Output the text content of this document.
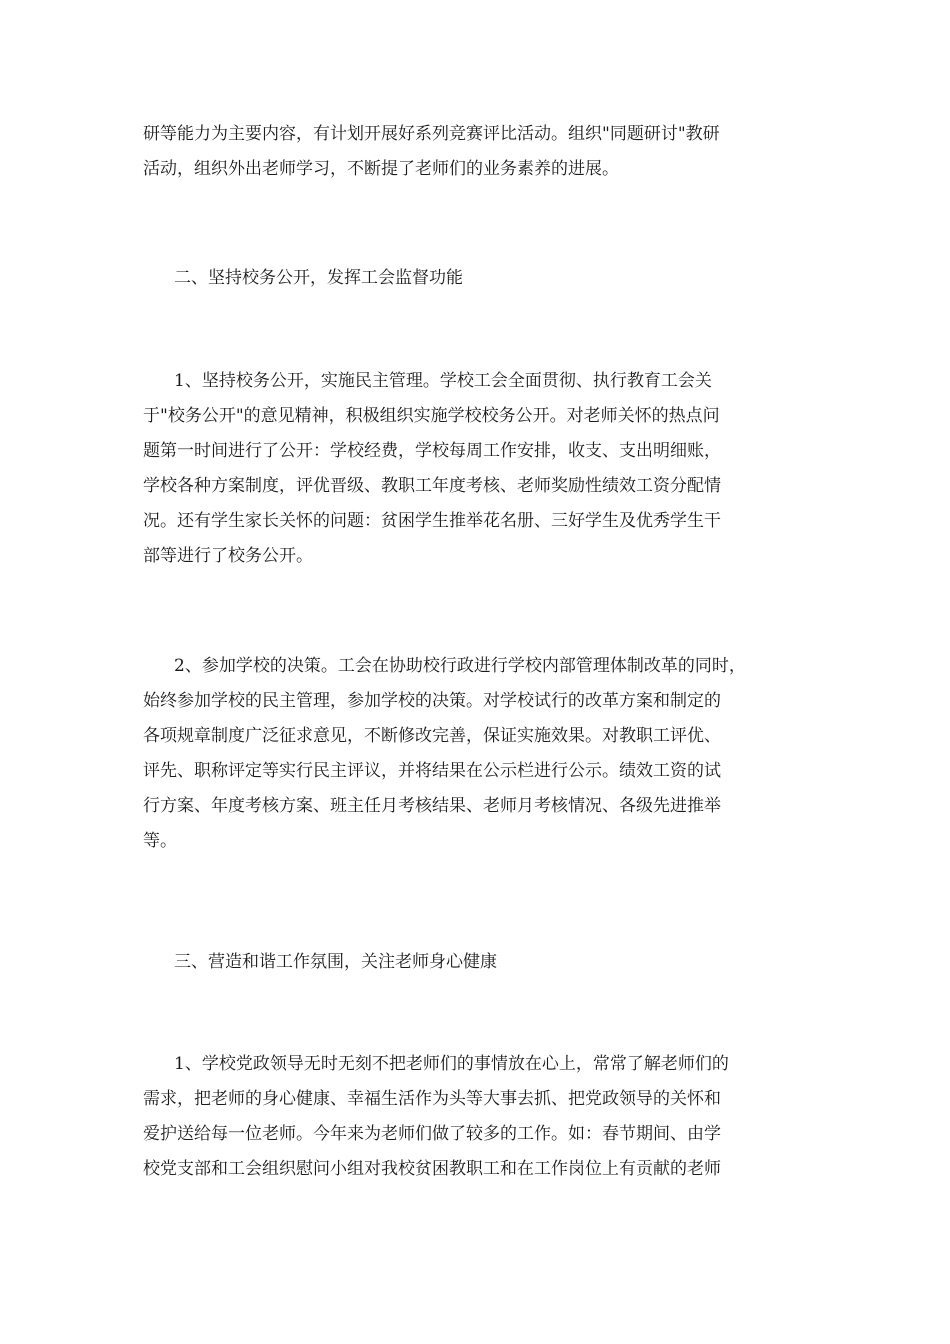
研等能力为主要内容，有计划开展好系列竞赛评比活动。组织"同题研讨"教研
活动，组织外出老师学习，不断提了老师们的业务素养的进展。
二、坚持校务公开，发挥工会监督功能
1、坚持校务公开，实施民主管理。学校工会全面贯彻、执行教育工会关
于"校务公开"的意见精神，积极组织实施学校校务公开。对老师关怀的热点问
题第一时间进行了公开：学校经费，学校每周工作安排，收支、支出明细账，
学校各种方案制度，评优晋级、教职工年度考核、老师奖励性绩效工资分配情
况。还有学生家长关怀的问题：贫困学生推举花名册、三好学生及优秀学生干
部等进行了校务公开。
2、参加学校的决策。工会在协助校行政进行学校内部管理体制改革的同时，
始终参加学校的民主管理，参加学校的决策。对学校试行的改革方案和制定的
各项规章制度广泛征求意见，不断修改完善，保证实施效果。对教职工评优、
评先、职称评定等实行民主评议，并将结果在公示栏进行公示。绩效工资的试
行方案、年度考核方案、班主任月考核结果、老师月考核情况、各级先进推举
等。
三、营造和谐工作氛围，关注老师身心健康
1、学校党政领导无时无刻不把老师们的事情放在心上，常常了解老师们的
需求，把老师的身心健康、幸福生活作为头等大事去抓、把党政领导的关怀和
爱护送给每一位老师。今年来为老师们做了较多的工作。如：春节期间、由学
校党支部和工会组织慰问小组对我校贫困教职工和在工作岗位上有贡献的老师
